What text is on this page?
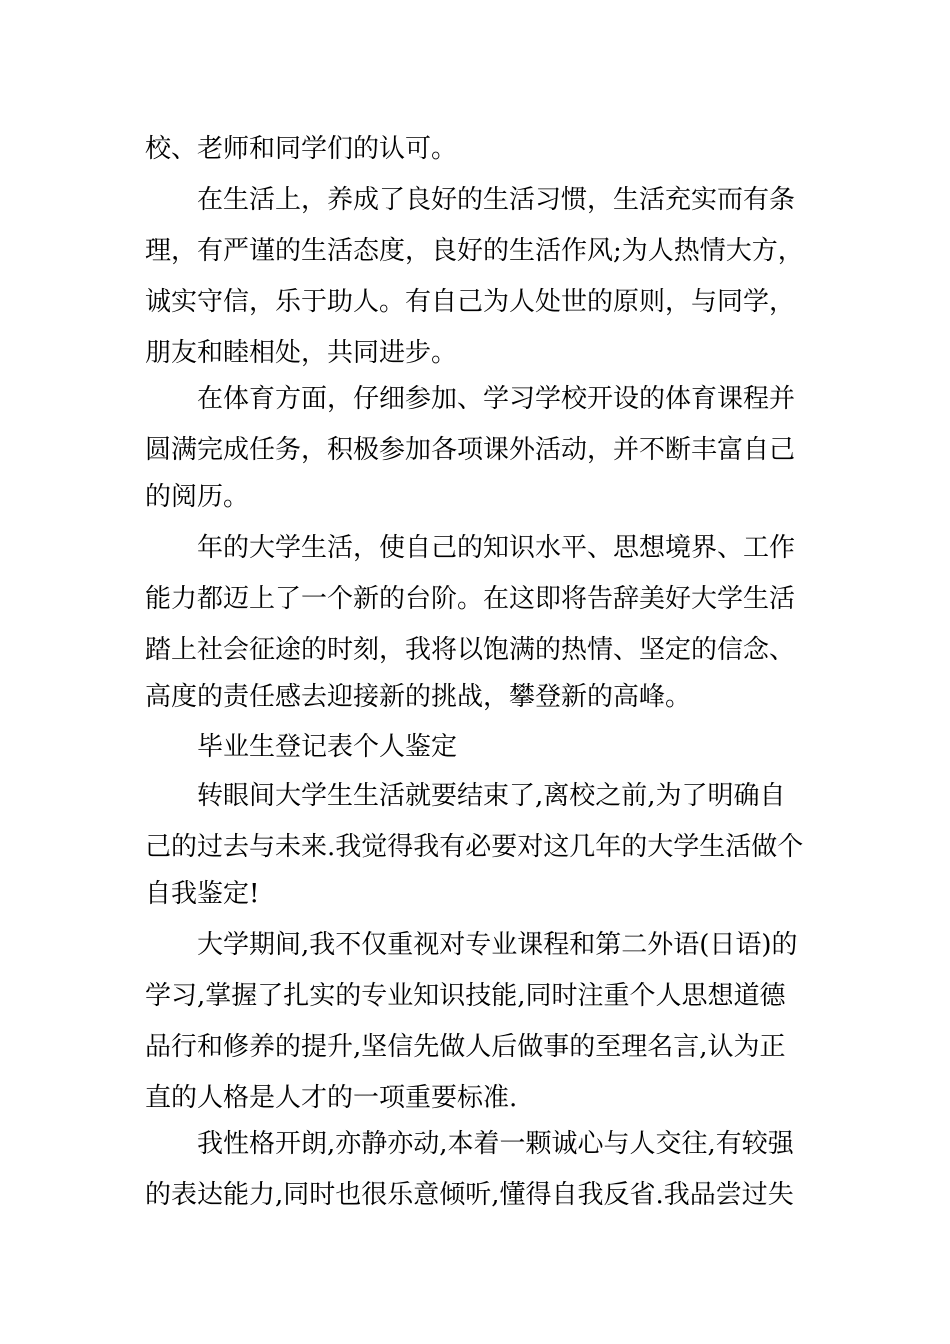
校、老师和同学们的认可。

在生活上，养成了良好的生活习惯，生活充实而有条

理，有严谨的生活态度，良好的生活作风;为人热情大方，

诚实守信，乐于助人。有自己为人处世的原则，与同学，

朋友和睦相处，共同进步。

在体育方面，仔细参加、学习学校开设的体育课程并

圆满完成任务，积极参加各项课外活动，并不断丰富自己

的阅历。

年的大学生活，使自己的知识水平、思想境界、工作

能力都迈上了一个新的台阶。在这即将告辞美好大学生活

踏上社会征途的时刻，我将以饱满的热情、坚定的信念、

高度的责任感去迎接新的挑战，攀登新的高峰。

毕业生登记表个人鉴定

转眼间大学生生活就要结束了,离校之前,为了明确自

己的过去与未来.我觉得我有必要对这几年的大学生活做个

自我鉴定!

大学期间,我不仅重视对专业课程和第二外语(日语)的

学习,掌握了扎实的专业知识技能,同时注重个人思想道德

品行和修养的提升,坚信先做人后做事的至理名言,认为正

直的人格是人才的一项重要标准.

我性格开朗,亦静亦动,本着一颗诚心与人交往,有较强

的表达能力,同时也很乐意倾听,懂得自我反省.我品尝过失
